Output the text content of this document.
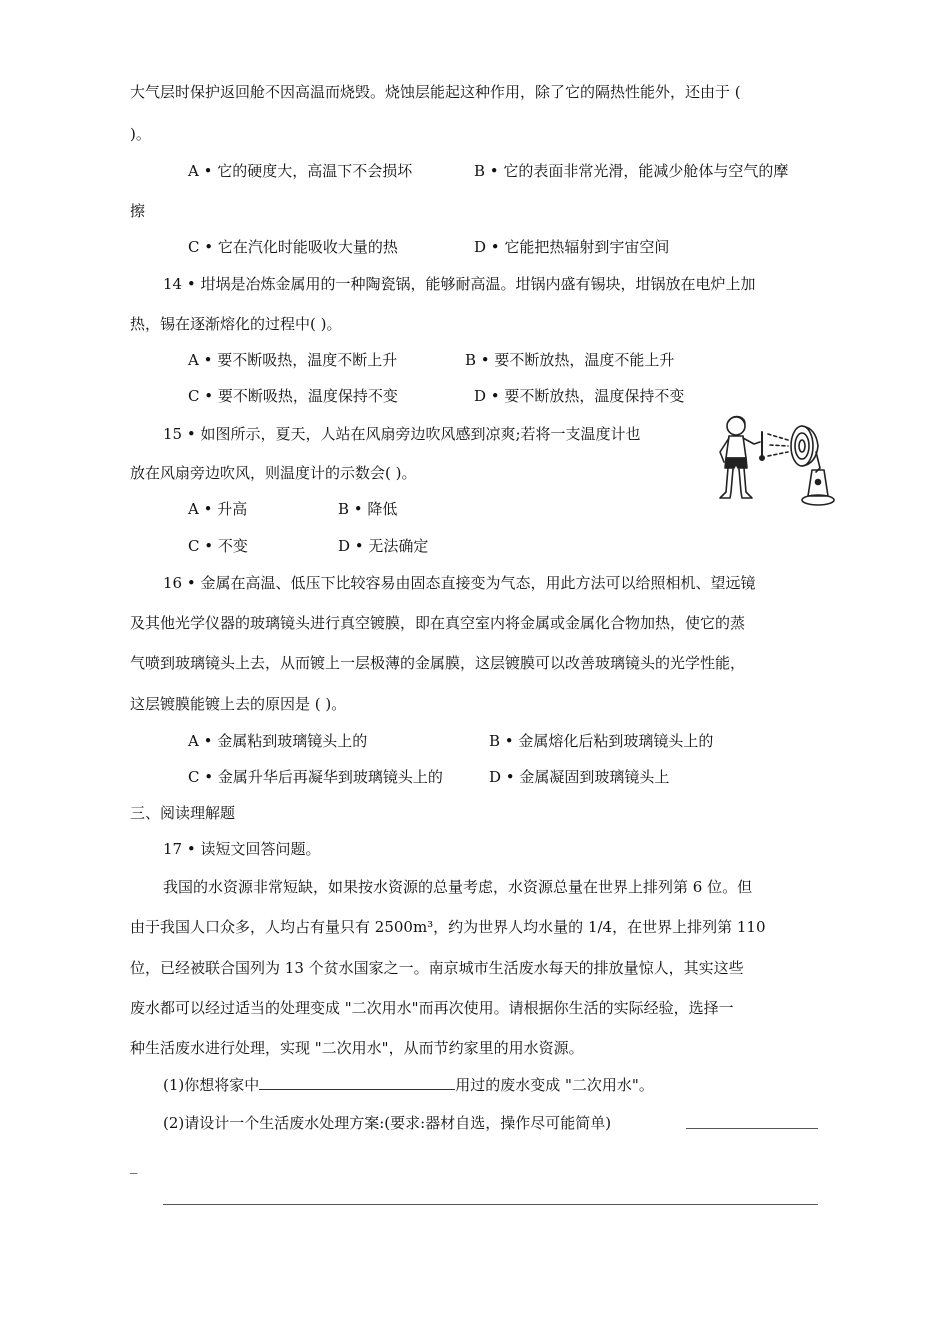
大气层时保护返回舱不因高温而烧毁。烧蚀层能起这种作用，除了它的隔热性能外，还由于 (
)。
A • 它的硬度大，高温下不会损坏	B • 它的表面非常光滑，能减少舱体与空气的摩
擦
C • 它在汽化时能吸收大量的热	D • 它能把热辐射到宇宙空间
14 • 坩埚是冶炼金属用的一种陶瓷锅，能够耐高温。坩锅内盛有锡块，坩锅放在电炉上加
热，锡在逐渐熔化的过程中( )。
A • 要不断吸热，温度不断上升	B • 要不断放热，温度不能上升
C • 要不断吸热，温度保持不变	D • 要不断放热，温度保持不变
15 • 如图所示，夏天，人站在风扇旁边吹风感到凉爽;若将一支温度计也
放在风扇旁边吹风，则温度计的示数会( )。
A • 升高	B • 降低
C • 不变	D • 无法确定
16 • 金属在高温、低压下比较容易由固态直接变为气态，用此方法可以给照相机、望远镜
及其他光学仪器的玻璃镜头进行真空镀膜，即在真空室内将金属或金属化合物加热，使它的蒸
气喷到玻璃镜头上去，从而镀上一层极薄的金属膜，这层镀膜可以改善玻璃镜头的光学性能，
这层镀膜能镀上去的原因是 ( )。
A • 金属粘到玻璃镜头上的	B • 金属熔化后粘到玻璃镜头上的
C • 金属升华后再凝华到玻璃镜头上的	D • 金属凝固到玻璃镜头上
三、阅读理解题
17 • 读短文回答问题。
我国的水资源非常短缺，如果按水资源的总量考虑，水资源总量在世界上排列第 6 位。但
由于我国人口众多，人均占有量只有 2500m³，约为世界人均水量的 1/4，在世界上排列第 110
位，已经被联合国列为 13 个贫水国家之一。南京城市生活废水每天的排放量惊人，其实这些
废水都可以经过适当的处理变成 "二次用水"而再次使用。请根据你生活的实际经验，选择一
种生活废水进行处理，实现 "二次用水"，从而节约家里的用水资源。
(1)你想将家中	用过的废水变成 "二次用水"。
(2)请设计一个生活废水处理方案:(要求:器材自选，操作尽可能简单)
_
